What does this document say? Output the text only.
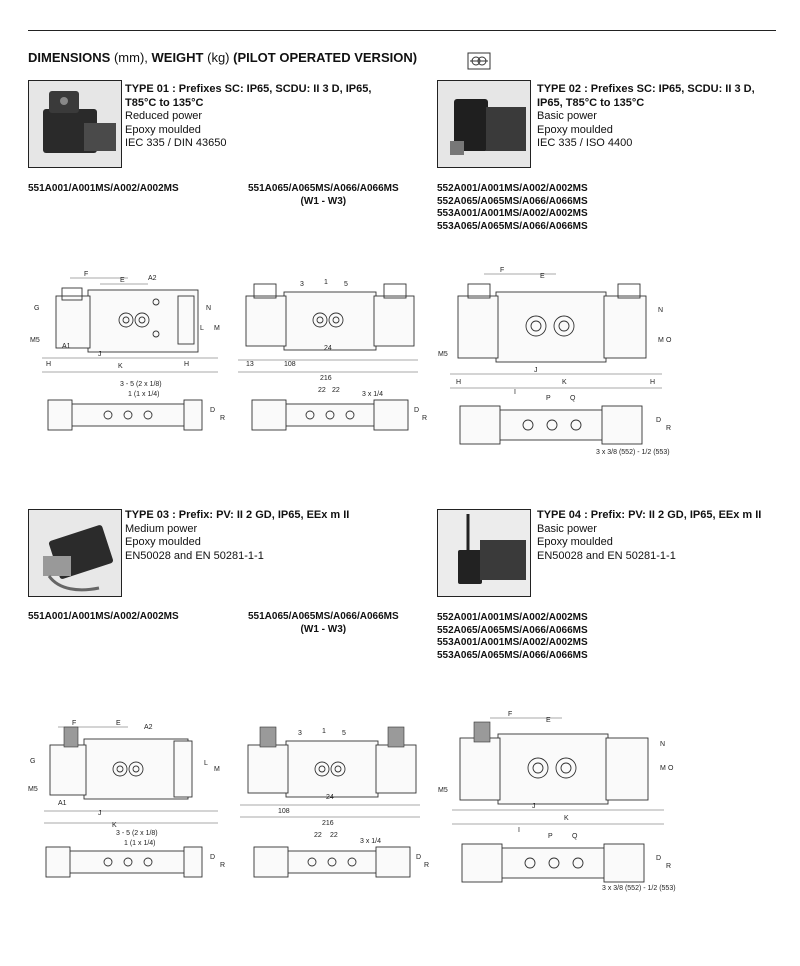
DIMENSIONS (mm), WEIGHT (kg) (PILOT OPERATED VERSION)
TYPE 01 : Prefixes SC: IP65, SCDU: II 3 D, IP65,
T85°C to 135°C
Reduced power
Epoxy moulded
IEC 335 / DIN 43650
551A001/A001MS/A002/A002MS	551A065/A065MS/A066/A066MS
(W1 - W3)
TYPE 02 : Prefixes SC: IP65, SCDU: II 3 D,
IP65, T85°C to 135°C
Basic power
Epoxy moulded
IEC 335 / ISO 4400
552A001/A001MS/A002/A002MS
552A065/A065MS/A066/A066MS
553A001/A001MS/A002/A002MS
553A065/A065MS/A066/A066MS
F
E	A2
G
M5
A1
N
L M
J
K
H	H
3 - 5 (2 x 1/8)
1 (1 x 1/4)
D
R
3	1 5
24
13	108
216
22 22
3 x 1/4
D
R
F
E
M5
N
M O
J
K
H	H
I
P	Q
D
R
3 x 3/8 (552) - 1/2 (553)
TYPE 03 : Prefix: PV: II 2 GD, IP65, EEx m II
Medium power
Epoxy moulded
EN50028 and EN 50281-1-1
551A001/A001MS/A002/A002MS	551A065/A065MS/A066/A066MS
(W1 - W3)
TYPE 04 : Prefix: PV: II 2 GD, IP65, EEx m II
Basic power
Epoxy moulded
EN50028 and EN 50281-1-1
552A001/A001MS/A002/A002MS
552A065/A065MS/A066/A066MS
553A001/A001MS/A002/A002MS
553A065/A065MS/A066/A066MS
F	E
A2
G
M5
A1
L
M
J
K
3 - 5 (2 x 1/8)
1 (1 x 1/4)
D
R
3	1 5
24
108
216
22 22
3 x 1/4
D
R
F
E
M5
N
M O
J
K
I
P	Q
D
R
3 x 3/8 (552) - 1/2 (553)
